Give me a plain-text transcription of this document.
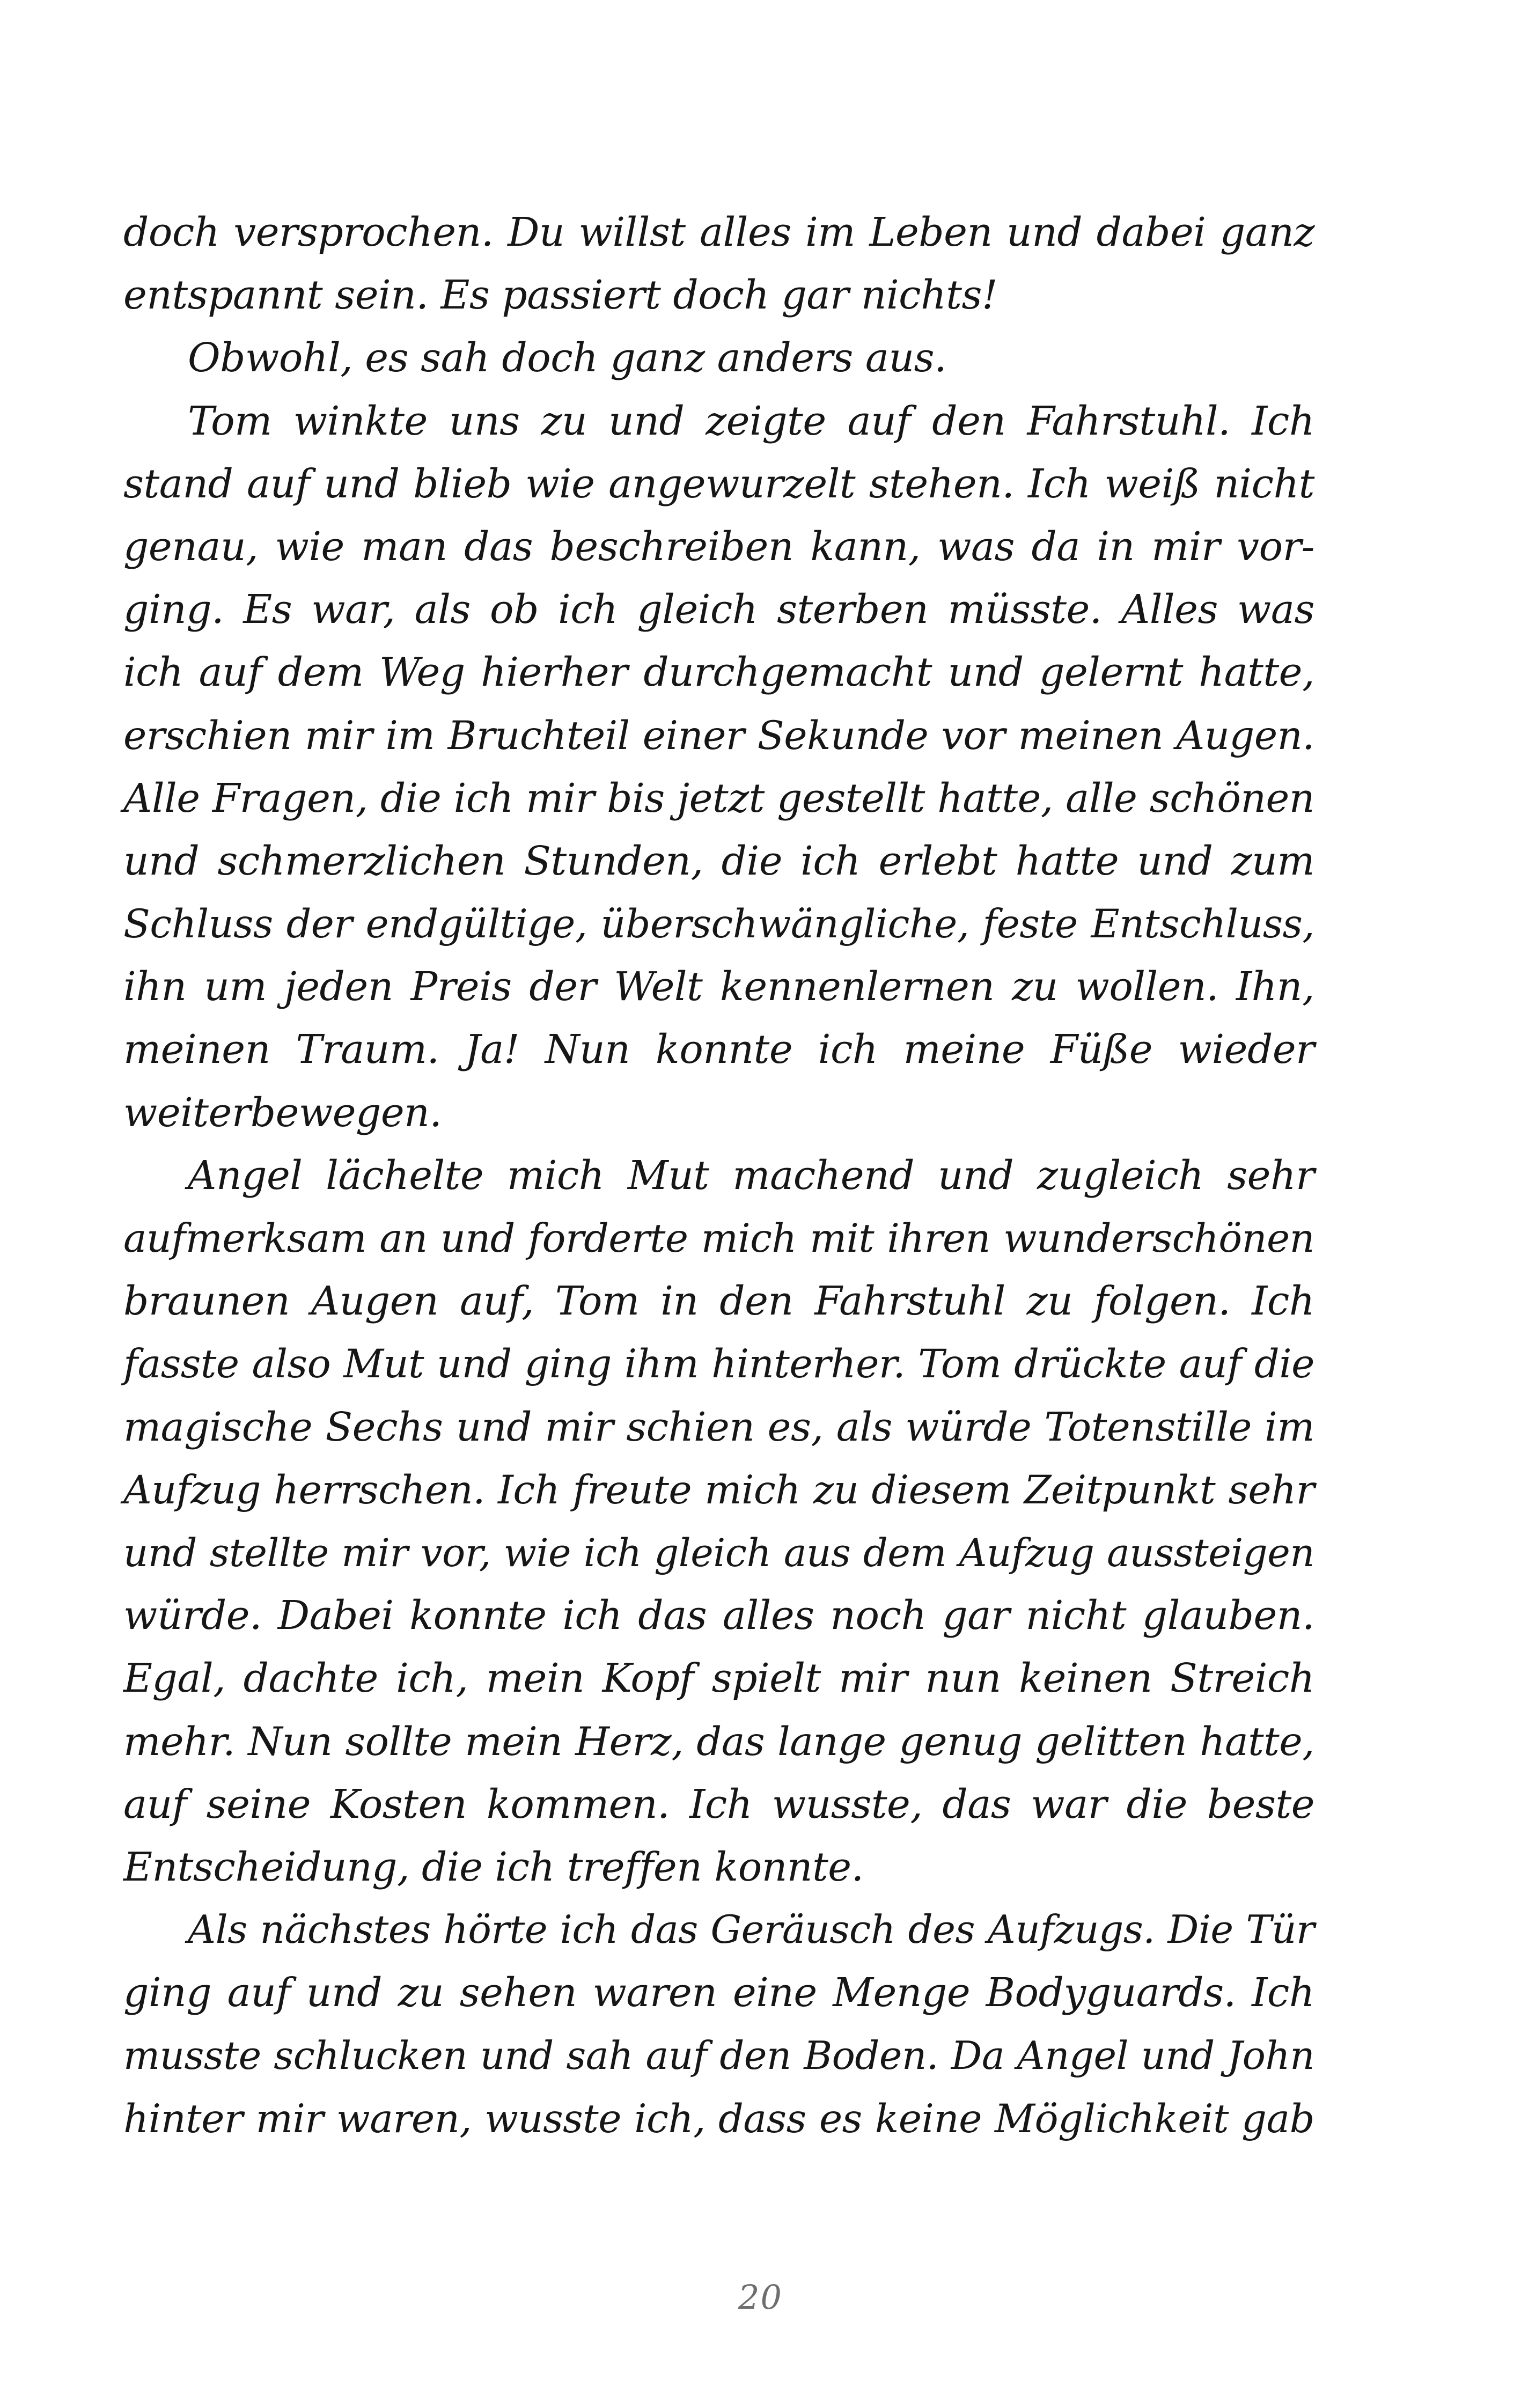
doch versprochen. Du willst alles im Leben und dabei ganz
entspannt sein. Es passiert doch gar nichts!
Obwohl, es sah doch ganz anders aus.
Tom winkte uns zu und zeigte auf den Fahrstuhl. Ich
stand auf und blieb wie angewurzelt stehen. Ich weiß nicht
genau, wie man das beschreiben kann, was da in mir vor-
ging. Es war, als ob ich gleich sterben müsste. Alles was
ich auf dem Weg hierher durchgemacht und gelernt hatte,
erschien mir im Bruchteil einer Sekunde vor meinen Augen.
Alle Fragen, die ich mir bis jetzt gestellt hatte, alle schönen
und schmerzlichen Stunden, die ich erlebt hatte und zum
Schluss der endgültige, überschwängliche, feste Entschluss,
ihn um jeden Preis der Welt kennenlernen zu wollen. Ihn,
meinen Traum. Ja! Nun konnte ich meine Füße wieder
weiterbewegen.
Angel lächelte mich Mut machend und zugleich sehr
aufmerksam an und forderte mich mit ihren wunderschönen
braunen Augen auf, Tom in den Fahrstuhl zu folgen. Ich
fasste also Mut und ging ihm hinterher. Tom drückte auf die
magische Sechs und mir schien es, als würde Totenstille im
Aufzug herrschen. Ich freute mich zu diesem Zeitpunkt sehr
und stellte mir vor, wie ich gleich aus dem Aufzug aussteigen
würde. Dabei konnte ich das alles noch gar nicht glauben.
Egal, dachte ich, mein Kopf spielt mir nun keinen Streich
mehr. Nun sollte mein Herz, das lange genug gelitten hatte,
auf seine Kosten kommen. Ich wusste, das war die beste
Entscheidung, die ich treffen konnte.
Als nächstes hörte ich das Geräusch des Aufzugs. Die Tür
ging auf und zu sehen waren eine Menge Bodyguards. Ich
musste schlucken und sah auf den Boden. Da Angel und John
hinter mir waren, wusste ich, dass es keine Möglichkeit gab
20
